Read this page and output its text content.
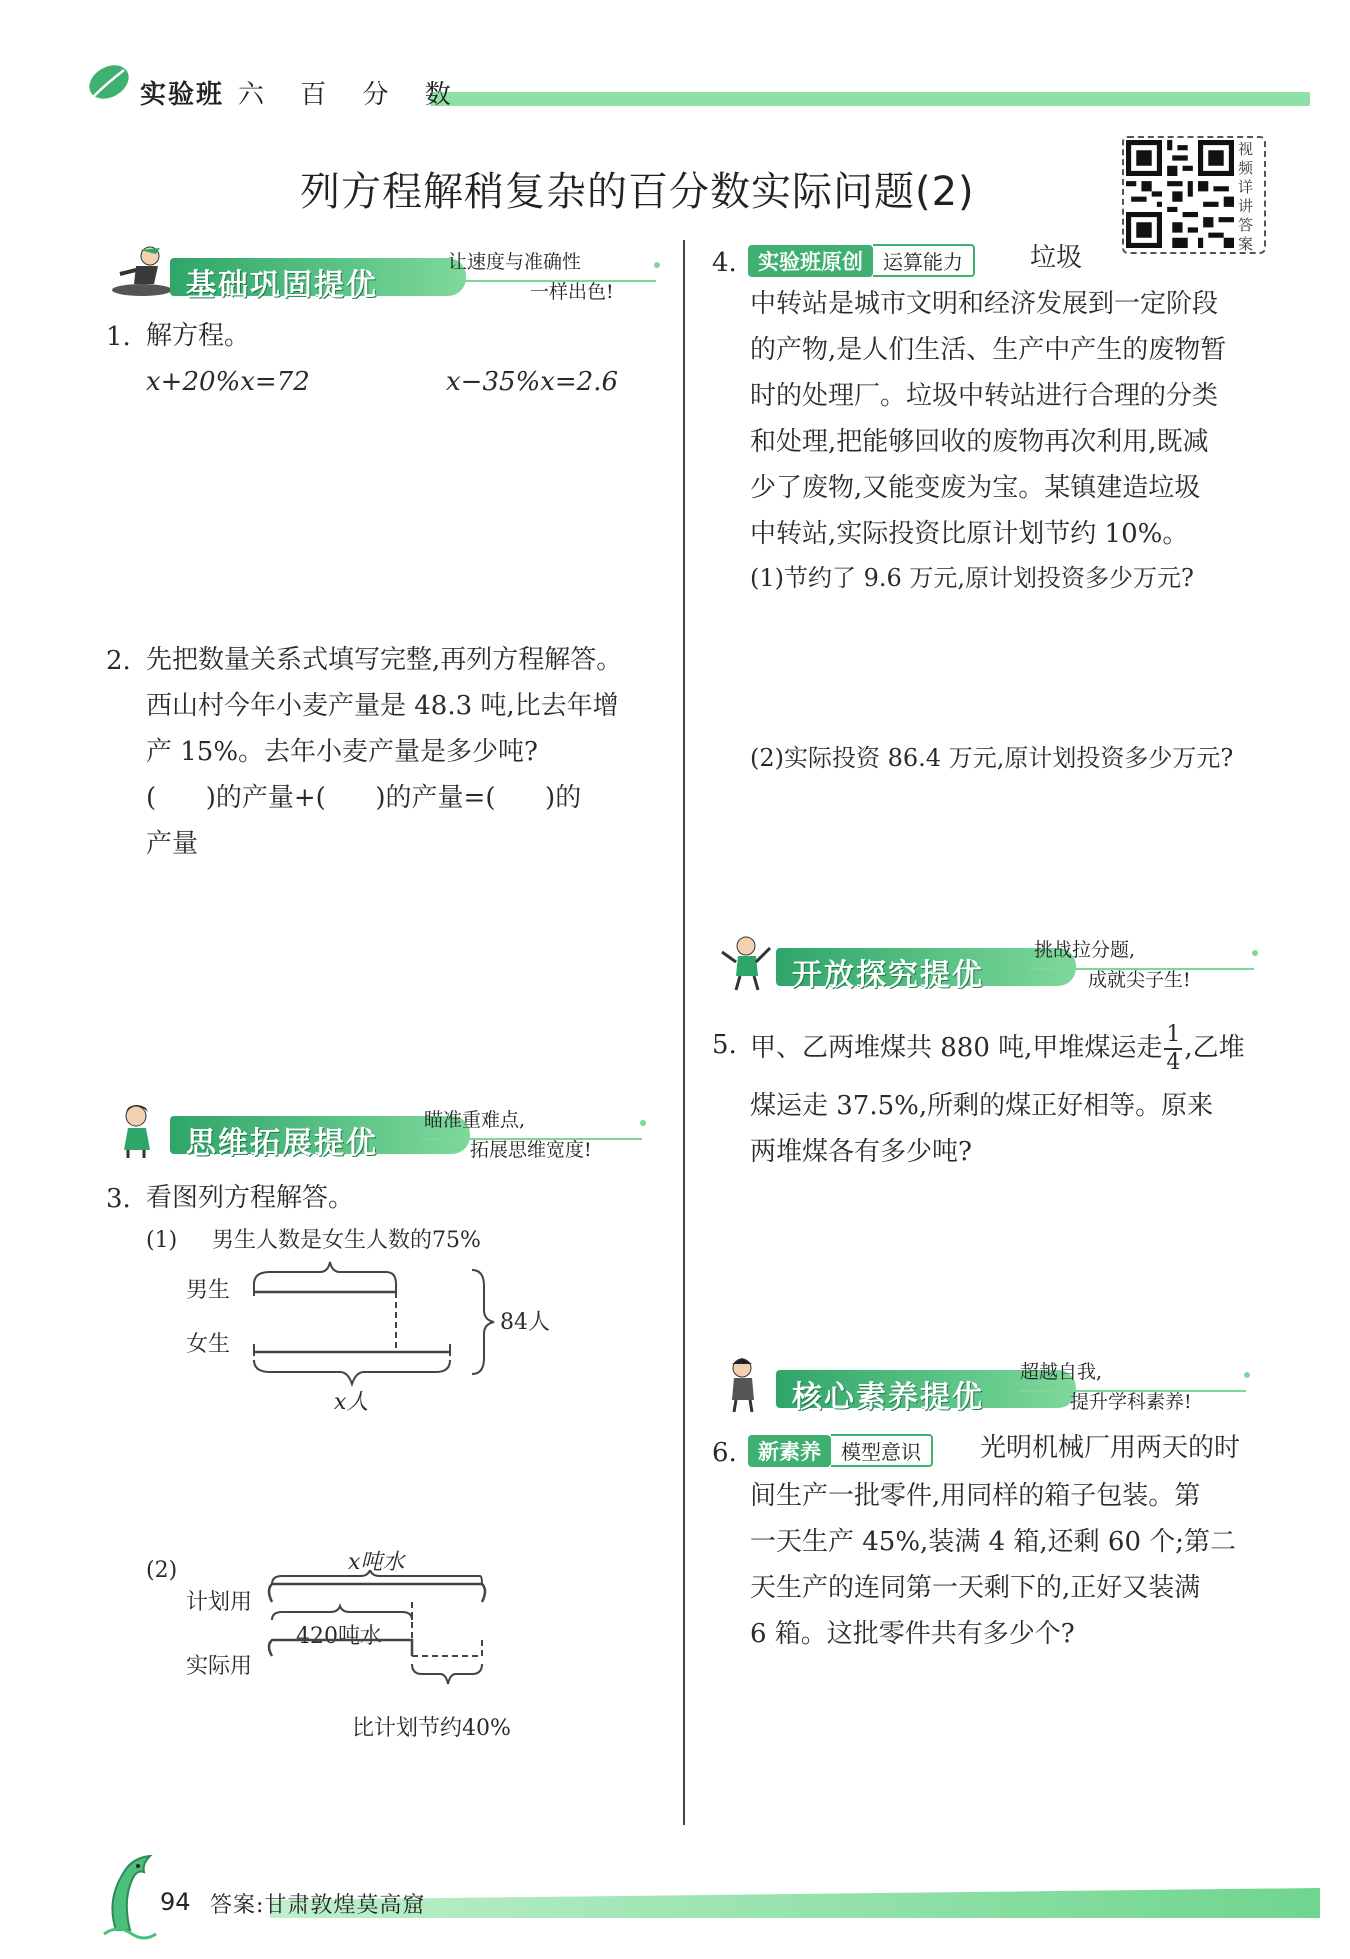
实验班 六 百 分 数
列方程解稍复杂的百分数实际问题(2)
视频详讲答案
基础巩固提优
让速度与准确性
一样出色!
1. 解方程。
x+20%x=72	x−35%x=2.6
2. 先把数量关系式填写完整,再列方程解答。
西山村今年小麦产量是 48.3 吨,比去年增
产 15%。去年小麦产量是多少吨?
(      )的产量+(      )的产量=(      )的
产量
思维拓展提优
瞄准重难点,
拓展思维宽度!
3. 看图列方程解答。
(1) 男生人数是女生人数的75%
男生
女生
84人
x人
(2)	x吨水
计划用
420吨水
实际用
比计划节约40%
4.	实验班原创 运算能力	垃圾
中转站是城市文明和经济发展到一定阶段
的产物,是人们生活、生产中产生的废物暂
时的处理厂。垃圾中转站进行合理的分类
和处理,把能够回收的废物再次利用,既减
少了废物,又能变废为宝。某镇建造垃圾
中转站,实际投资比原计划节约 10%。
(1)节约了 9.6 万元,原计划投资多少万元?
(2)实际投资 86.4 万元,原计划投资多少万元?
开放探究提优
挑战拉分题,
成就尖子生!
5. 甲、乙两堆煤共 880 吨,甲堆煤运走 $\frac{1}{4}$ ,乙堆
煤运走 37.5%,所剩的煤正好相等。原来
两堆煤各有多少吨?
核心素养提优
超越自我,
提升学科素养!
6.	新素养 模型意识	光明机械厂用两天的时
间生产一批零件,用同样的箱子包装。第
一天生产 45%,装满 4 箱,还剩 60 个;第二
天生产的连同第一天剩下的,正好又装满
6 箱。这批零件共有多少个?
94 答案:甘肃敦煌莫高窟
